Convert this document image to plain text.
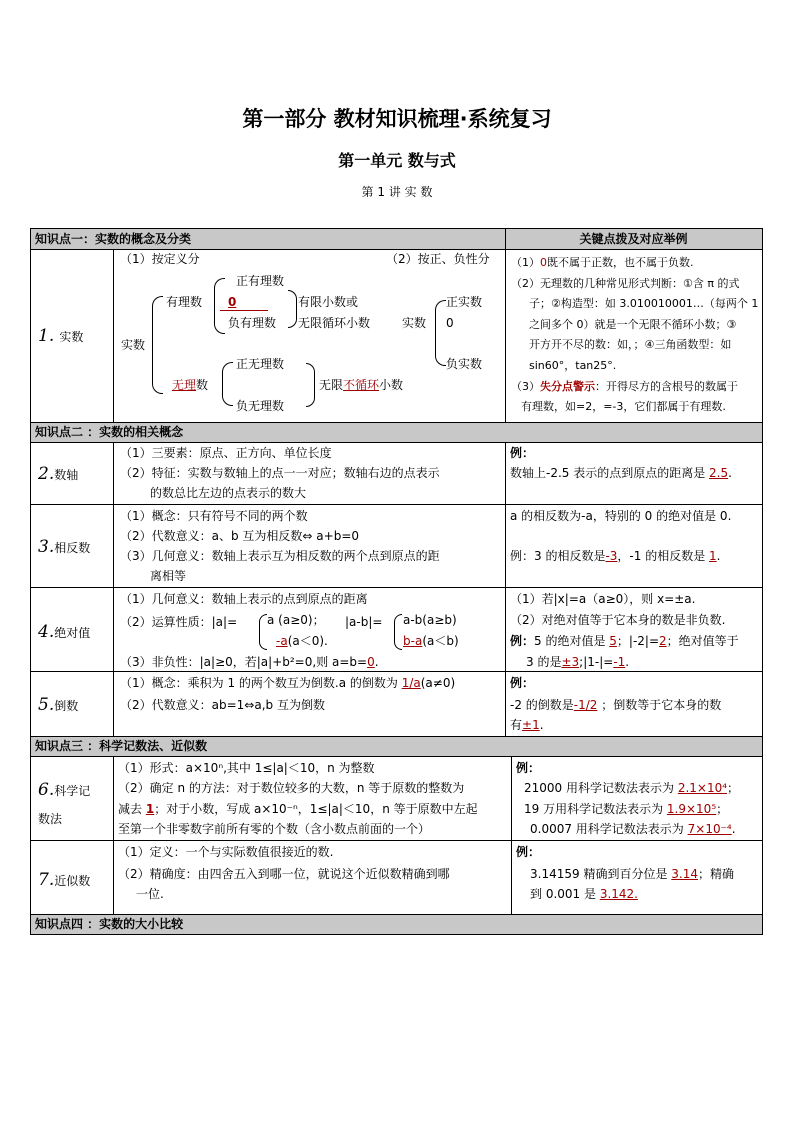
第一部分 教材知识梳理·系统复习
第一单元 数与式
第 1 讲 实 数
知识点一：实数的概念及分类	关键点拨及对应举例
知识点二 ：实数的相关概念
知识点三 ：科学记数法、近似数
知识点四 ：实数的大小比较
1. 实数
（1）按定义分	（2）按正、负性分
实数
有理数
正有理数
0
负有理数
有限小数或
无限循环小数
无理数
正无理数
负无理数
无限不循环小数
实数
正实数
0
负实数
（1）0既不属于正数，也不属于负数.
（2）无理数的几种常见形式判断：①含 π 的式
子；②构造型：如 3.010010001…（每两个 1
之间多个 0）就是一个无限不循环小数；③
开方开不尽的数：如，；④三角函数型：如
sin60°，tan25°.
（3）失分点警示：开得尽方的含根号的数属于
有理数，如=2，=-3，它们都属于有理数.
2.数轴
（1）三要素：原点、正方向、单位长度
（2）特征：实数与数轴上的点一一对应；数轴右边的点表示
的数总比左边的点表示的数大
例：
数轴上-2.5 表示的点到原点的距离是 2.5.
3.相反数
（1）概念：只有符号不同的两个数
（2）代数意义：a、b 互为相反数⇔ a+b=0
（3）几何意义：数轴上表示互为相反数的两个点到原点的距
离相等
a 的相反数为-a，特别的 0 的绝对值是 0.
例：3 的相反数是-3，-1 的相反数是 1.
4.绝对值
（1）几何意义：数轴上表示的点到原点的距离
（2）运算性质：|a|= a (a≥0)；
-a(a＜0).
|a-b|= a-b(a≥b)
b-a(a＜b)
（3）非负性：|a|≥0，若|a|+b²=0,则 a=b=0.
（1）若|x|=a（a≥0），则 x=±a.
（2）对绝对值等于它本身的数是非负数.
例：5 的绝对值是 5；|-2|=2；绝对值等于
3 的是±3;|1-|=-1.
5.倒数
（1）概念：乘积为 1 的两个数互为倒数.a 的倒数为 1/a(a≠0)
（2）代数意义：ab=1⇔a,b 互为倒数
例：
-2 的倒数是-1/2 ；倒数等于它本身的数
有±1.
6.科学记
数法
（1）形式：a×10ⁿ,其中 1≤|a|＜10，n 为整数
（2）确定 n 的方法：对于数位较多的大数，n 等于原数的整数为
减去 1；对于小数，写成 a×10⁻ⁿ，1≤|a|＜10，n 等于原数中左起
至第一个非零数字前所有零的个数（含小数点前面的一个）
例：
21000 用科学记数法表示为 2.1×10⁴；
19 万用科学记数法表示为 1.9×10⁵；
0.0007 用科学记数法表示为 7×10⁻⁴.
7.近似数
（1）定义：一个与实际数值很接近的数.
（2）精确度：由四舍五入到哪一位，就说这个近似数精确到哪
一位.
例：
3.14159 精确到百分位是 3.14；精确
到 0.001 是 3.142.
